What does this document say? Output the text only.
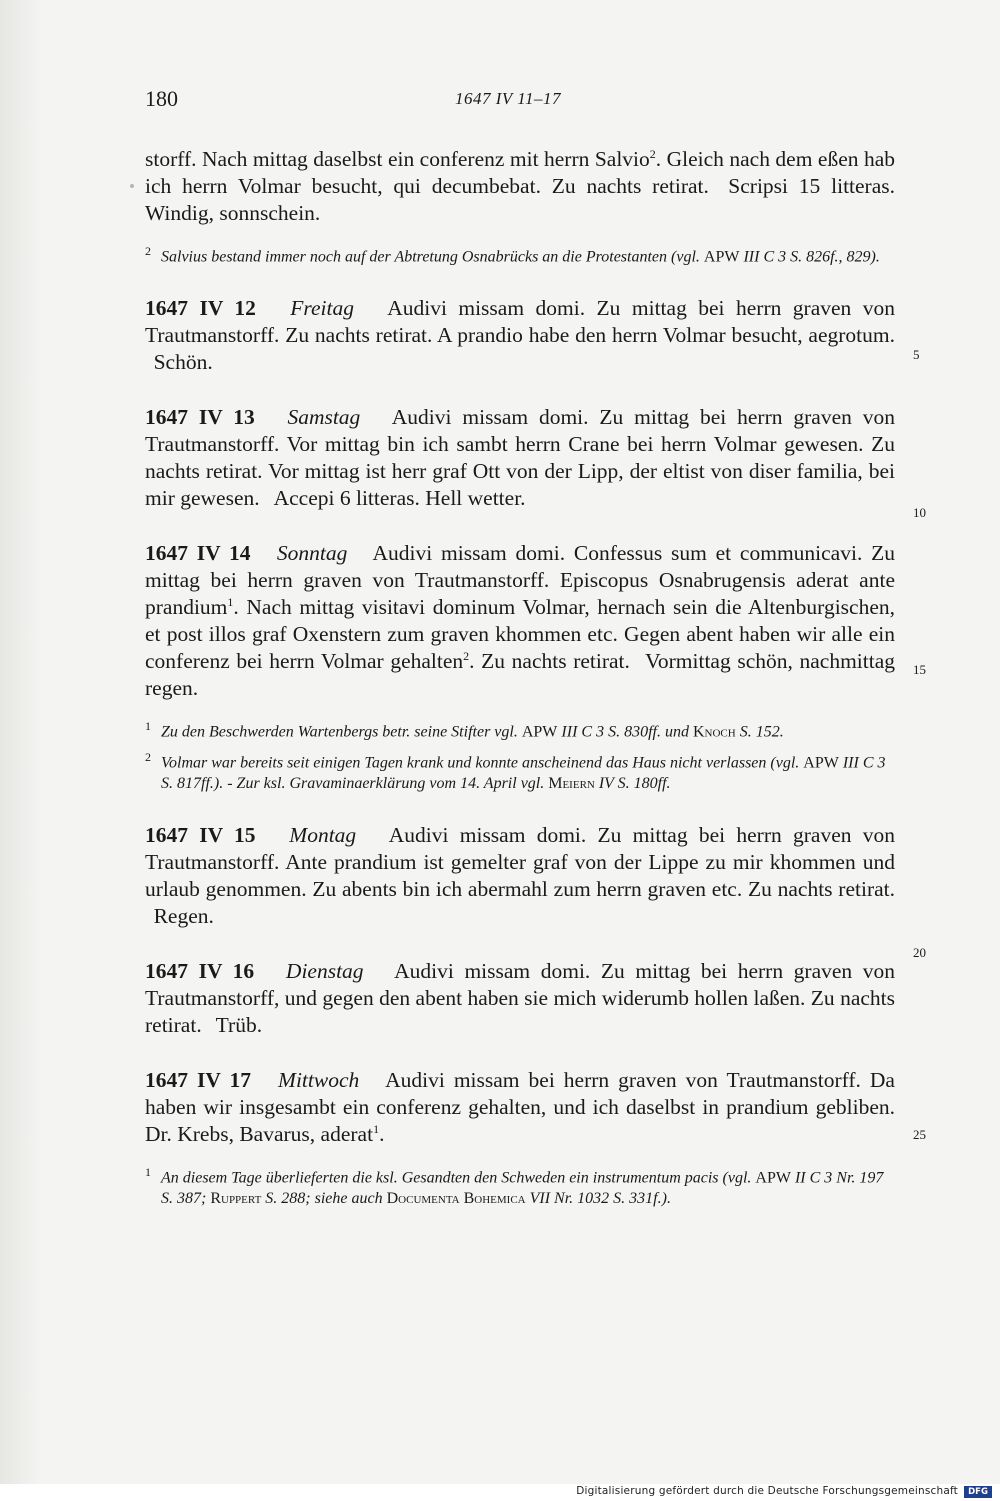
180	1647 IV 11–17

storff. Nach mittag daselbst ein conferenz mit herrn Salvio$^2$. Gleich nach dem eßen hab ich herrn Volmar besucht, qui decumbebat. Zu nachts retirat. Scripsi 15 litteras. Windig, sonnschein.

2 Salvius bestand immer noch auf der Abtretung Osnabrücks an die Protestanten (vgl. APW III C 3 S. 826f., 829).

1647 IV 12 Freitag Audivi missam domi. Zu mittag bei herrn graven von Trautmanstorff. Zu nachts retirat. A prandio habe den herrn Volmar besucht, aegrotum. Schön.

1647 IV 13 Samstag Audivi missam domi. Zu mittag bei herrn graven von Trautmanstorff. Vor mittag bin ich sambt herrn Crane bei herrn Volmar gewesen. Zu nachts retirat. Vor mittag ist herr graf Ott von der Lipp, der eltist von diser familia, bei mir gewesen. Accepi 6 litteras. Hell wetter.

1647 IV 14 Sonntag Audivi missam domi. Confessus sum et communicavi. Zu mittag bei herrn graven von Trautmanstorff. Episcopus Osnabrugensis aderat ante prandium$^1$. Nach mittag visitavi dominum Volmar, hernach sein die Altenburgischen, et post illos graf Oxenstern zum graven khommen etc. Gegen abent haben wir alle ein conferenz bei herrn Volmar gehalten$^2$. Zu nachts retirat. Vormittag schön, nachmittag regen.

1 Zu den Beschwerden Wartenbergs betr. seine Stifter vgl. APW III C 3 S. 830ff. und Knoch S. 152.

2 Volmar war bereits seit einigen Tagen krank und konnte anscheinend das Haus nicht verlassen (vgl. APW III C 3 S. 817ff.). - Zur ksl. Gravaminaerklärung vom 14. April vgl. Meiern IV S. 180ff.

1647 IV 15 Montag Audivi missam domi. Zu mittag bei herrn graven von Trautmanstorff. Ante prandium ist gemelter graf von der Lippe zu mir khommen und urlaub genommen. Zu abents bin ich abermahl zum herrn graven etc. Zu nachts retirat. Regen.

1647 IV 16 Dienstag Audivi missam domi. Zu mittag bei herrn graven von Trautmanstorff, und gegen den abent haben sie mich widerumb hollen laßen. Zu nachts retirat. Trüb.

1647 IV 17 Mittwoch Audivi missam bei herrn graven von Trautmanstorff. Da haben wir insgesambt ein conferenz gehalten, und ich daselbst in prandium gebliben. Dr. Krebs, Bavarus, aderat$^1$.

1 An diesem Tage überlieferten die ksl. Gesandten den Schweden ein instrumentum pacis (vgl. APW II C 3 Nr. 197 S. 387; Ruppert S. 288; siehe auch Documenta Bohemica VII Nr. 1032 S. 331f.).

5
10
15
20
25
Digitalisierung gefördert durch die Deutsche Forschungsgemeinschaft	DFG
